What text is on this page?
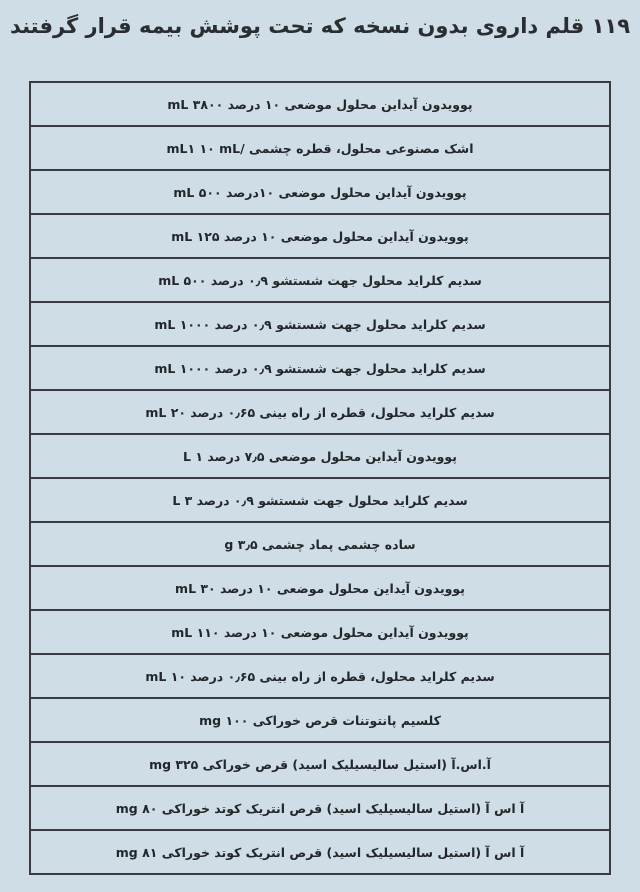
۱۱۹ قلم داروی بدون نسخه که تحت پوشش بیمه قرار گرفتند
پوویدون آیداین محلول موضعی ۱۰ درصد ۳۸۰۰ mL
اشک مصنوعی محلول، قطره چشمی /mL۱ ۱۰ mL
پوویدون آیداین محلول موضعی ۱۰درصد ۵۰۰ mL
پوویدون آیداین محلول موضعی ۱۰ درصد ۱۲۵ mL
سدیم کلراید محلول جهت شستشو ۰٫۹ درصد ۵۰۰ mL
سدیم کلراید محلول جهت شستشو ۰٫۹ درصد ۱۰۰۰ mL
سدیم کلراید محلول جهت شستشو ۰٫۹ درصد ۱۰۰۰ mL
سدیم کلراید محلول، قطره از راه بینی ۰٫۶۵ درصد ۲۰ mL
پوویدون آیداین محلول موضعی ۷٫۵ درصد ۱ L
سدیم کلراید محلول جهت شستشو ۰٫۹ درصد ۳ L
ساده چشمی پماد چشمی ۳٫۵ g
پوویدون آیداین محلول موضعی ۱۰ درصد ۳۰ mL
پوویدون آیداین محلول موضعی ۱۰ درصد ۱۱۰ mL
سدیم کلراید محلول، قطره از راه بینی ۰٫۶۵ درصد ۱۰ mL
کلسیم پانتوتنات قرص خوراکی ۱۰۰ mg
آ.اس.آ (استیل سالیسیلیک اسید) قرص خوراکی ۳۲۵ mg
آ اس آ (استیل سالیسیلیک اسید) قرص انتریک کوتد خوراکی ۸۰ mg
آ اس آ (استیل سالیسیلیک اسید) قرص انتریک کوتد خوراکی ۸۱ mg
